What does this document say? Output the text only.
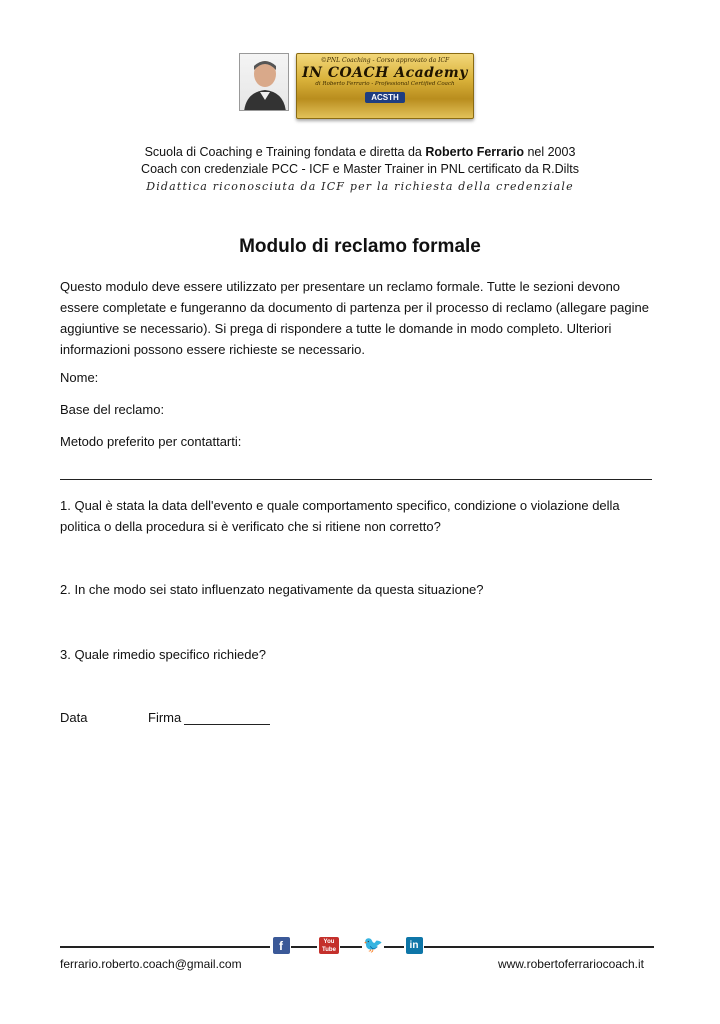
©PNL Coaching - Corso approvato da ICF
IN COACH Academy
di Roberto Ferrario - Professional Certified Coach
ACSTH
Scuola di Coaching e Training fondata e diretta da Roberto Ferrario nel 2003
Coach con credenziale PCC - ICF e Master Trainer in PNL certificato da R.Dilts
Didattica riconosciuta da ICF per la richiesta della credenziale
Modulo di reclamo formale
Questo modulo deve essere utilizzato per presentare un reclamo formale. Tutte le sezioni devono essere completate e fungeranno da documento di partenza per il processo di reclamo (allegare pagine aggiuntive se necessario). Si prega di rispondere a tutte le domande in modo completo. Ulteriori informazioni possono essere richieste se necessario.
Nome:
Base del reclamo:
Metodo preferito per contattarti:
1. Qual è stata la data dell'evento e quale comportamento specifico, condizione o violazione della politica o della procedura si è verificato che si ritiene non corretto?
2. In che modo sei stato influenzato negativamente da questa situazione?
3. Quale rimedio specifico richiede?
Data	Firma
f	You Tube 🐦	in
ferrario.roberto.coach@gmail.com	www.robertoferrariocoach.it
